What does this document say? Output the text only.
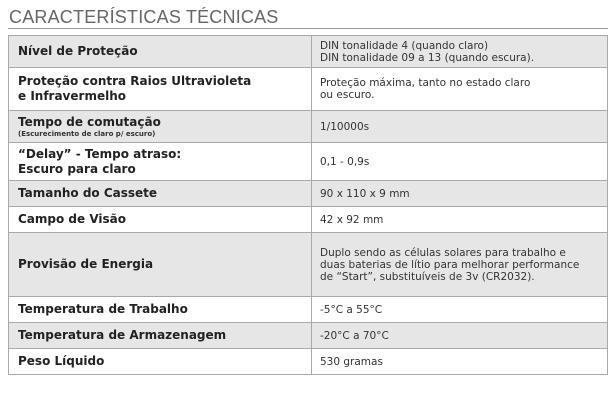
CARACTERÍSTICAS TÉCNICAS
Nível de Proteção	DIN tonalidade 4 (quando claro)
DIN tonalidade 09 a 13 (quando escura).

Proteção contra Raios Ultravioleta
e Infravermelho	Proteção máxima, tanto no estado claro
ou escuro.

Tempo de comutação
(Escurecimento de claro p/ escuro)	1/10000s

“Delay” - Tempo atraso:
Escuro para claro	0,1 - 0,9s
Tamanho do Cassete	90 x 110 x 9 mm
Campo de Visão	42 x 92 mm
Provisão de Energia	Duplo sendo as células solares para trabalho e
duas baterias de lítio para melhorar performance
de “Start”, substituíveis de 3v (CR2032).

Temperatura de Trabalho	-5°C a 55°C
Temperatura de Armazenagem	-20°C a 70°C
Peso Líquido	530 gramas
